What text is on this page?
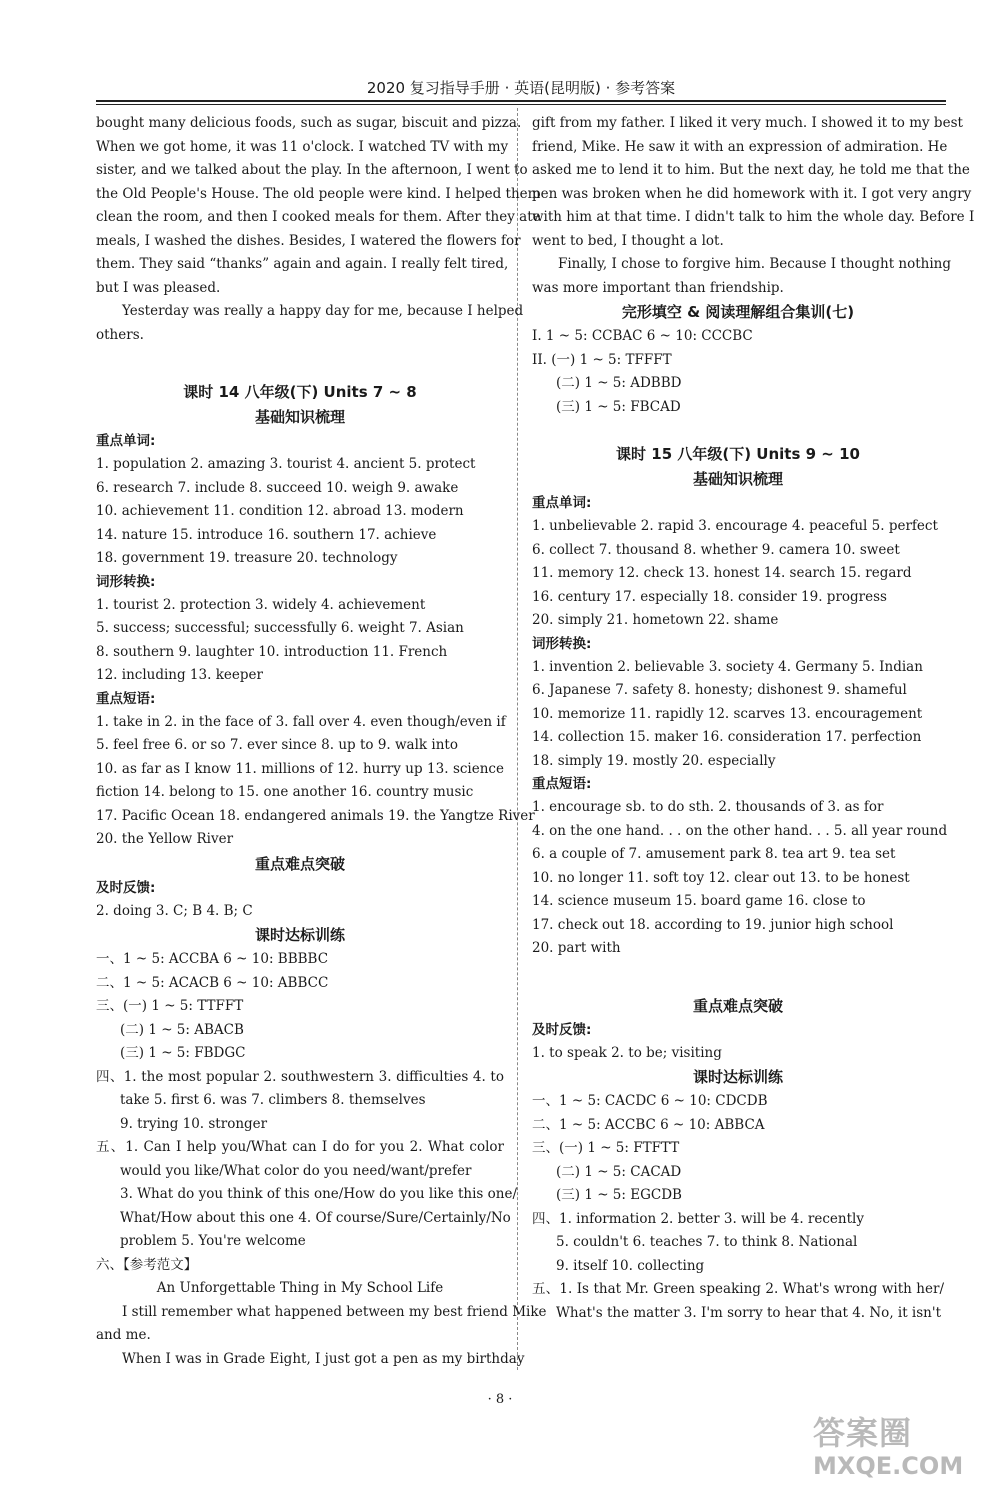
2020 复习指导手册 · 英语(昆明版) · 参考答案
bought many delicious foods, such as sugar, biscuit and pizza.
When we got home, it was 11 o'clock. I watched TV with my
sister, and we talked about the play. In the afternoon, I went to
the Old People's House. The old people were kind. I helped them
clean the room, and then I cooked meals for them. After they ate
meals, I washed the dishes. Besides, I watered the flowers for
them. They said “thanks” again and again. I really felt tired,
but I was pleased.
Yesterday was really a happy day for me, because I helped
others.
课时 14 八年级(下) Units 7 ~ 8
基础知识梳理
重点单词:
1. population 2. amazing 3. tourist 4. ancient 5. protect
6. research 7. include 8. succeed 10. weigh 9. awake
10. achievement 11. condition 12. abroad 13. modern
14. nature 15. introduce 16. southern 17. achieve
18. government 19. treasure 20. technology
词形转换:
1. tourist 2. protection 3. widely 4. achievement
5. success; successful; successfully 6. weight 7. Asian
8. southern 9. laughter 10. introduction 11. French
12. including 13. keeper
重点短语:
1. take in 2. in the face of 3. fall over 4. even though/even if
5. feel free 6. or so 7. ever since 8. up to 9. walk into
10. as far as I know 11. millions of 12. hurry up 13. science
fiction 14. belong to 15. one another 16. country music
17. Pacific Ocean 18. endangered animals 19. the Yangtze River
20. the Yellow River
重点难点突破
及时反馈:
2. doing 3. C; B 4. B; C
课时达标训练
一、1 ~ 5: ACCBA 6 ~ 10: BBBBC
二、1 ~ 5: ACACB 6 ~ 10: ABBCC
三、(一) 1 ~ 5: TTFFT
(二) 1 ~ 5: ABACB
(三) 1 ~ 5: FBDGC
四、1. the most popular 2. southwestern 3. difficulties 4. to
take 5. first 6. was 7. climbers 8. themselves
9. trying 10. stronger
五、1. Can I help you/What can I do for you 2. What color
would you like/What color do you need/want/prefer
3. What do you think of this one/How do you like this one/
What/How about this one 4. Of course/Sure/Certainly/No
problem 5. You're welcome
六、【参考范文】
An Unforgettable Thing in My School Life
I still remember what happened between my best friend Mike
and me.
When I was in Grade Eight, I just got a pen as my birthday
gift from my father. I liked it very much. I showed it to my best
friend, Mike. He saw it with an expression of admiration. He
asked me to lend it to him. But the next day, he told me that the
pen was broken when he did homework with it. I got very angry
with him at that time. I didn't talk to him the whole day. Before I
went to bed, I thought a lot.
Finally, I chose to forgive him. Because I thought nothing
was more important than friendship.
完形填空 & 阅读理解组合集训(七)
I. 1 ~ 5: CCBAC 6 ~ 10: CCCBC
II. (一) 1 ~ 5: TFFFT
(二) 1 ~ 5: ADBBD
(三) 1 ~ 5: FBCAD
课时 15 八年级(下) Units 9 ~ 10
基础知识梳理
重点单词:
1. unbelievable 2. rapid 3. encourage 4. peaceful 5. perfect
6. collect 7. thousand 8. whether 9. camera 10. sweet
11. memory 12. check 13. honest 14. search 15. regard
16. century 17. especially 18. consider 19. progress
20. simply 21. hometown 22. shame
词形转换:
1. invention 2. believable 3. society 4. Germany 5. Indian
6. Japanese 7. safety 8. honesty; dishonest 9. shameful
10. memorize 11. rapidly 12. scarves 13. encouragement
14. collection 15. maker 16. consideration 17. perfection
18. simply 19. mostly 20. especially
重点短语:
1. encourage sb. to do sth. 2. thousands of 3. as for
4. on the one hand. . . on the other hand. . . 5. all year round
6. a couple of 7. amusement park 8. tea art 9. tea set
10. no longer 11. soft toy 12. clear out 13. to be honest
14. science museum 15. board game 16. close to
17. check out 18. according to 19. junior high school
20. part with
重点难点突破
及时反馈:
1. to speak 2. to be; visiting
课时达标训练
一、1 ~ 5: CACDC 6 ~ 10: CDCDB
二、1 ~ 5: ACCBC 6 ~ 10: ABBCA
三、(一) 1 ~ 5: FTFTT
(二) 1 ~ 5: CACAD
(三) 1 ~ 5: EGCDB
四、1. information 2. better 3. will be 4. recently
5. couldn't 6. teaches 7. to think 8. National
9. itself 10. collecting
五、1. Is that Mr. Green speaking 2. What's wrong with her/
What's the matter 3. I'm sorry to hear that 4. No, it isn't
· 8 ·
答案圈
MXQE.COM
